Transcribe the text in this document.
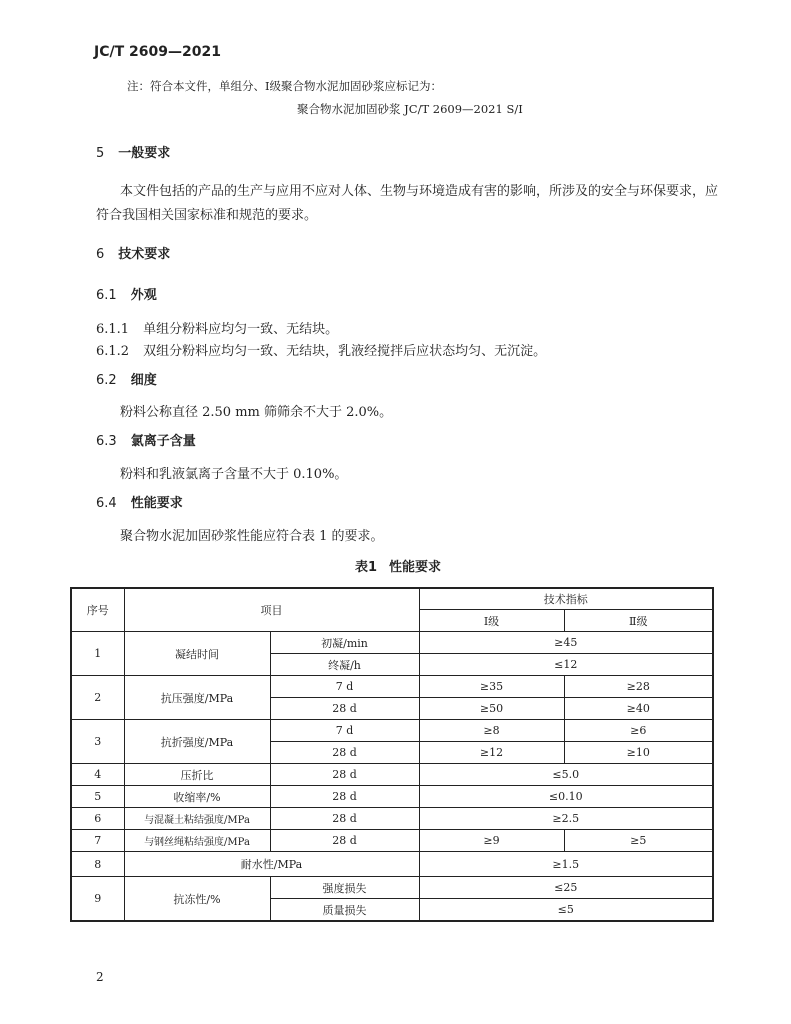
JC/T 2609—2021
注：符合本文件，单组分、Ⅰ级聚合物水泥加固砂浆应标记为：
聚合物水泥加固砂浆 JC/T 2609—2021 S/Ⅰ
5 一般要求
本文件包括的产品的生产与应用不应对人体、生物与环境造成有害的影响，所涉及的安全与环保要求，应符合我国相关国家标准和规范的要求。
6 技术要求
6.1 外观
6.1.1 单组分粉料应均匀一致、无结块。
6.1.2 双组分粉料应均匀一致、无结块，乳液经搅拌后应状态均匀、无沉淀。
6.2 细度
粉料公称直径 2.50 mm 筛筛余不大于 2.0%。
6.3 氯离子含量
粉料和乳液氯离子含量不大于 0.10%。
6.4 性能要求
聚合物水泥加固砂浆性能应符合表 1 的要求。
表1 性能要求
序号	项目		技术指标	
			Ⅰ级	Ⅱ级
1	凝结时间	初凝/min	≥45	
		终凝/h	≤12	
2	抗压强度/MPa	7 d	≥35	≥28
		28 d	≥50	≥40
3	抗折强度/MPa	7 d	≥8	≥6
		28 d	≥12	≥10
4	压折比	28 d	≤5.0	
5	收缩率/%	28 d	≤0.10	
6	与混凝土粘结强度/MPa	28 d	≥2.5	
7	与钢丝绳粘结强度/MPa	28 d	≥9	≥5
8	耐水性/MPa		≥1.5	
9	抗冻性/%	强度损失	≤25	
		质量损失	≤5	
2
